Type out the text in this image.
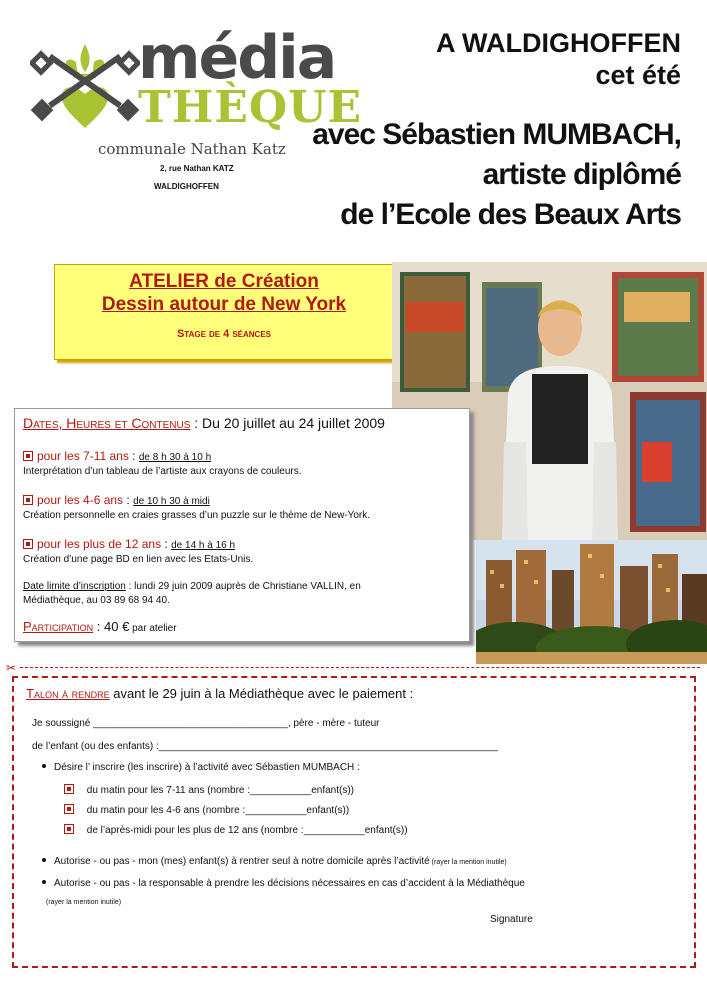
média
THÈQUE
communale Nathan Katz
2, rue Nathan KATZ
WALDIGHOFFEN
A WALDIGHOFFEN
cet été
avec Sébastien MUMBACH,
artiste diplômé
de l’Ecole des Beaux Arts
ATELIER de Création
Dessin autour de New York
Stage de 4 séances
Dates, Heures et Contenus : Du 20 juillet au 24 juillet 2009
pour les 7-11 ans : de 8 h 30 à 10 h
Interprétation d’un tableau de l’artiste aux crayons de couleurs.
pour les 4-6 ans : de 10 h 30 à midi
Création personnelle en craies grasses d’un puzzle sur le thème de New-York.
pour les plus de 12 ans : de 14 h à 16 h
Création d’une page BD en lien avec les Etats-Unis.
Date limite d’inscription : lundi 29 juin 2009 auprès de Christiane VALLIN, en
Médiathèque, au 03 89 68 94 40.
Participation : 40 € par atelier
✂
Talon à rendre avant le 29 juin à la Médiathèque avec le paiement :
Je soussigné ___________________________________, père - mère - tuteur
de l’enfant (ou des enfants) :_____________________________________________________________
Désire l’ inscrire (les inscrire) à l’activité avec Sébastien MUMBACH :
du matin pour les 7-11 ans (nombre :___________enfant(s))
du matin pour les 4-6 ans (nombre :___________enfant(s))
de l’après-midi pour les plus de 12 ans (nombre :___________enfant(s))
Autorise - ou pas - mon (mes) enfant(s) à rentrer seul à notre domicile après l’activité (rayer la mention inutile)
Autorise - ou pas - la responsable à prendre les décisions nécessaires en cas d’accident à la Médiathèque
(rayer la mention inutile)
Signature
